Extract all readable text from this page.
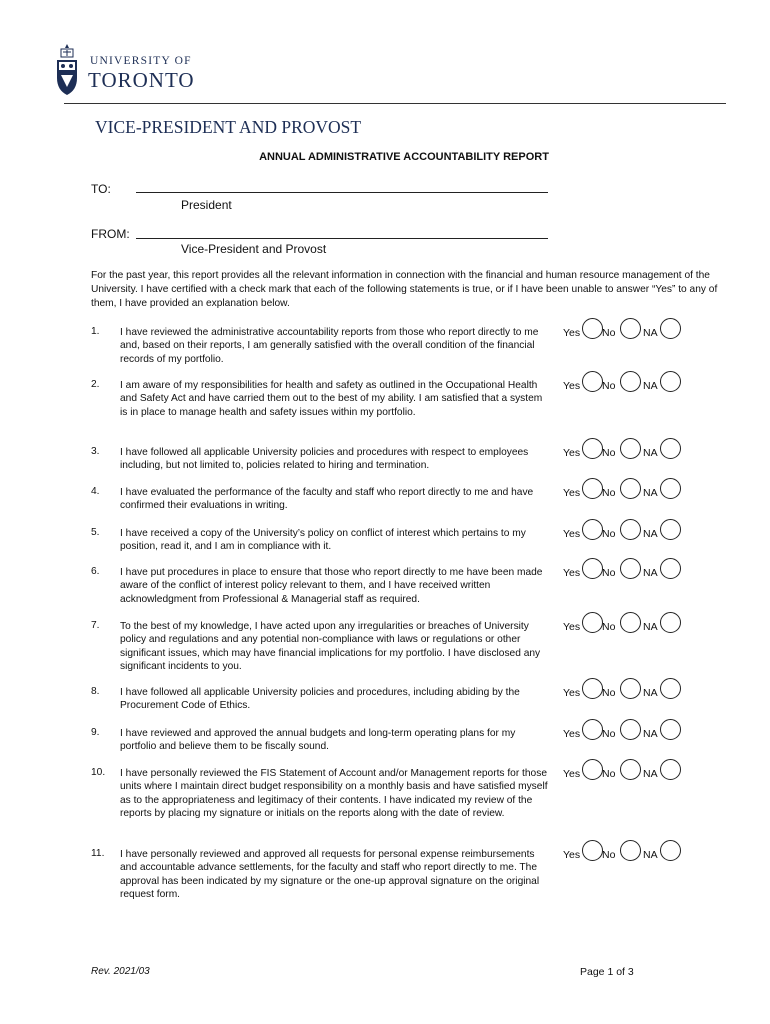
UNIVERSITY OF
TORONTO
VICE-PRESIDENT AND PROVOST
ANNUAL ADMINISTRATIVE ACCOUNTABILITY REPORT
TO:
President
FROM:
Vice-President and Provost
For the past year, this report provides all the relevant information in connection with the financial and human resource management of the University. I have certified with a check mark that each of the following statements is true, or if I have been unable to answer “Yes” to any of them, I have provided an explanation below.
1. I have reviewed the administrative accountability reports from those who report directly to me and, based on their reports, I am generally satisfied with the overall condition of the financial records of my portfolio.
Yes No	NA
2. I am aware of my responsibilities for health and safety as outlined in the Occupational Health and Safety Act and have carried them out to the best of my ability. I am satisfied that a system is in place to manage health and safety issues within my portfolio.
Yes No	NA
3. I have followed all applicable University policies and procedures with respect to employees including, but not limited to, policies related to hiring and termination.
Yes No	NA
4. I have evaluated the performance of the faculty and staff who report directly to me and have confirmed their evaluations in writing.
Yes No	NA
5. I have received a copy of the University’s policy on conflict of interest which pertains to my position, read it, and I am in compliance with it.
Yes No	NA
6. I have put procedures in place to ensure that those who report directly to me have been made aware of the conflict of interest policy relevant to them, and I have received written acknowledgment from Professional & Managerial staff as required.
Yes No	NA
7. To the best of my knowledge, I have acted upon any irregularities or breaches of University policy and regulations and any potential non-compliance with laws or regulations or other significant issues, which may have financial implications for my portfolio. I have disclosed any significant incidents to you.
Yes No	NA
8. I have followed all applicable University policies and procedures, including abiding by the Procurement Code of Ethics.
Yes No	NA
9. I have reviewed and approved the annual budgets and long-term operating plans for my portfolio and believe them to be fiscally sound.
Yes No	NA
10. I have personally reviewed the FIS Statement of Account and/or Management reports for those units where I maintain direct budget responsibility on a monthly basis and have satisfied myself as to the appropriateness and legitimacy of their contents. I have indicated my review of the reports by placing my signature or initials on the reports along with the date of review.
Yes No	NA
11. I have personally reviewed and approved all requests for personal expense reimbursements and accountable advance settlements, for the faculty and staff who report directly to me. The approval has been indicated by my signature or the one-up approval signature on the original request form.
Yes No	NA
Rev. 2021/03	Page 1 of 3
